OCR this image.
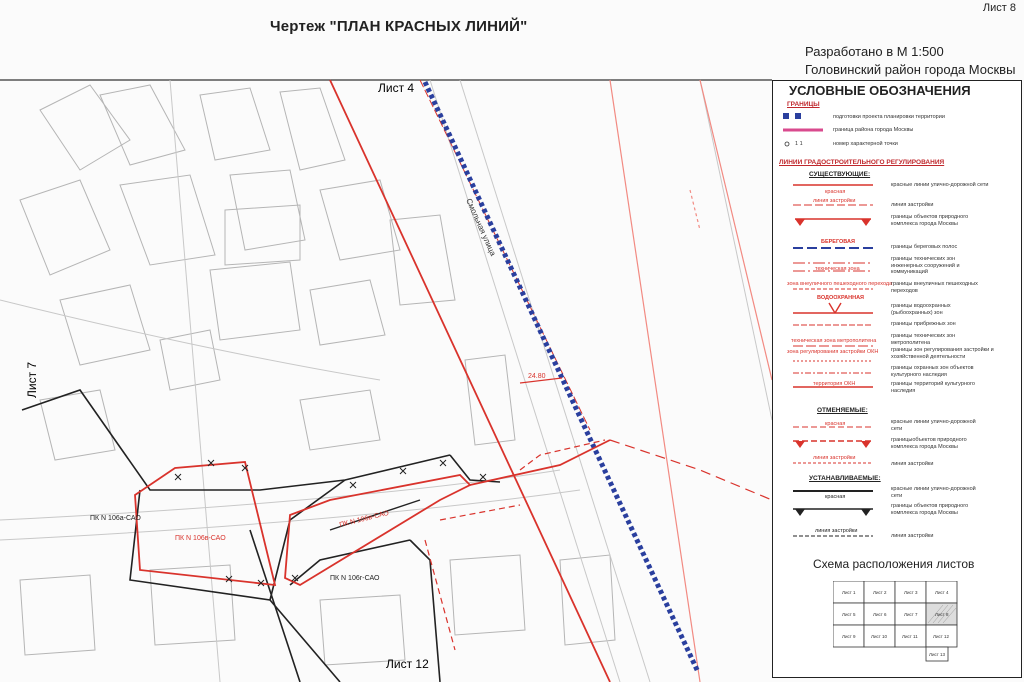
Чертеж "ПЛАН КРАСНЫХ ЛИНИЙ"
Лист 8
Разработано в М 1:500
Головинский район города Москвы
24.80
Смольная улица
ПК N 106а-САО
ПК N 106в-САО
ПК N 106г-САО
ПК N 106в-САО
Лист 4
Лист 7
Лист 12
УСЛОВНЫЕ ОБОЗНАЧЕНИЯ
ГРАНИЦЫ
подготовки проекта планировки территории
граница района города Москвы
1 1	номер характерной точки
ЛИНИИ ГРАДОСТРОИТЕЛЬНОГО РЕГУЛИРОВАНИЯ
СУЩЕСТВУЮЩИЕ:
красная
линия застройки
БЕРЕГОВАЯ
техническая зона
зона внеуличного пешеходного перехода
ВОДООХРАННАЯ
техническая зона метрополитена
зона регулирования застройки ОКН
территория ОКН
красные линии улично-дорожной сети
линия застройки
границы объектов природного комплекса города Москвы
границы береговых полос
границы технических зон инженерных сооружений и коммуникаций
границы внеуличных пешеходных переходов
границы водоохранных (рыбоохранных) зон
границы прибрежных зон
границы технических зон метрополитена
границы зон регулирования застройки и хозяйственной деятельности
границы охранных зон объектов культурного наследия
границы территорий культурного наследия
ОТМЕНЯЕМЫЕ:
красная
линия застройки
красные линии улично-дорожной сети
границыобъектов природного комплекса города Москвы
линия застройки
УСТАНАВЛИВАЕМЫЕ:
красная
линия застройки
красные линии улично-дорожной сети
границы объектов природного комплекса города Москвы
линия застройки
Схема расположения листов
Лист 1	Лист 2	Лист 3	Лист 4
Лист 5	Лист 6	Лист 7	Лист 8
Лист 9	Лист 10	Лист 11	Лист 12
Лист 13
